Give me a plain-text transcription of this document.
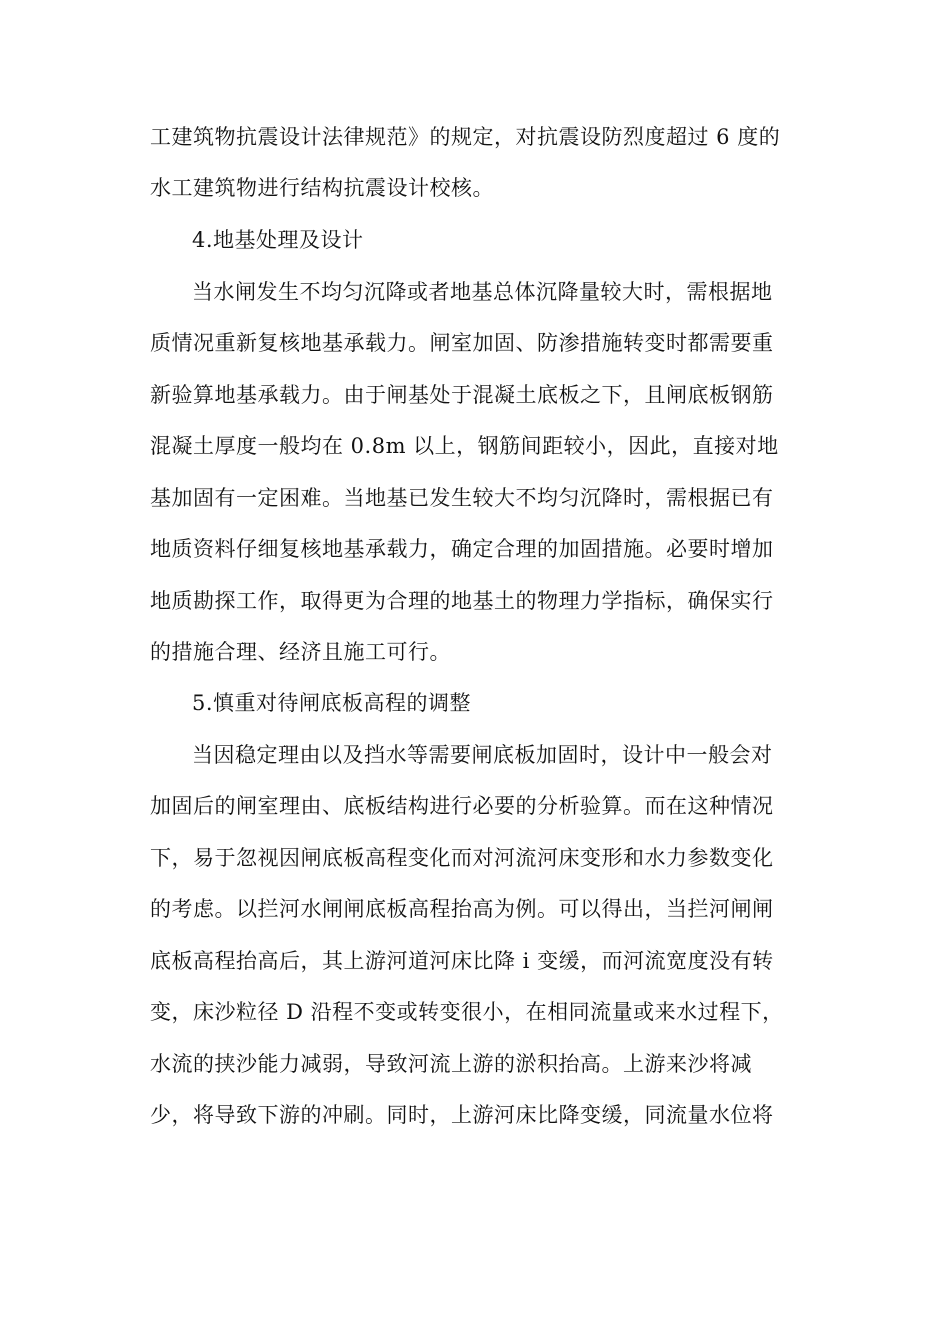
工建筑物抗震设计法律规范》的规定，对抗震设防烈度超过 6 度的
水工建筑物进行结构抗震设计校核。
4.地基处理及设计
当水闸发生不均匀沉降或者地基总体沉降量较大时，需根据地
质情况重新复核地基承载力。闸室加固、防渗措施转变时都需要重
新验算地基承载力。由于闸基处于混凝土底板之下，且闸底板钢筋
混凝土厚度一般均在 0.8m 以上，钢筋间距较小，因此，直接对地
基加固有一定困难。当地基已发生较大不均匀沉降时，需根据已有
地质资料仔细复核地基承载力，确定合理的加固措施。必要时增加
地质勘探工作，取得更为合理的地基土的物理力学指标，确保实行
的措施合理、经济且施工可行。
5.慎重对待闸底板高程的调整
当因稳定理由以及挡水等需要闸底板加固时，设计中一般会对
加固后的闸室理由、底板结构进行必要的分析验算。而在这种情况
下，易于忽视因闸底板高程变化而对河流河床变形和水力参数变化
的考虑。以拦河水闸闸底板高程抬高为例。可以得出，当拦河闸闸
底板高程抬高后，其上游河道河床比降 i 变缓，而河流宽度没有转
变，床沙粒径 D 沿程不变或转变很小，在相同流量或来水过程下，
水流的挟沙能力减弱，导致河流上游的淤积抬高。上游来沙将减
少，将导致下游的冲刷。同时，上游河床比降变缓，同流量水位将
